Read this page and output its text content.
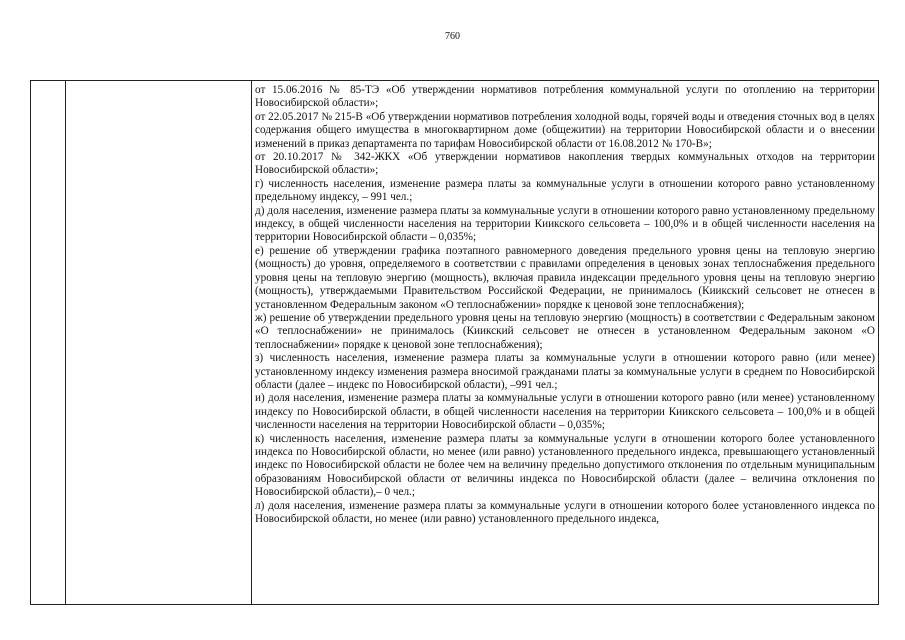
760
от 15.06.2016 № 85-ТЭ «Об утверждении нормативов потребления коммунальной услуги по отоплению на территории Новосибирской области»;
от 22.05.2017 № 215-В «Об утверждении нормативов потребления холодной воды, горячей воды и отведения сточных вод в целях содержания общего имущества в многоквартирном доме (общежитии) на территории Новосибирской области и о внесении изменений в приказ департамента по тарифам Новосибирской области от 16.08.2012 № 170-В»;
от 20.10.2017 № 342-ЖКХ «Об утверждении нормативов накопления твердых коммунальных отходов на территории Новосибирской области»;
г) численность населения, изменение размера платы за коммунальные услуги в отношении которого равно установленному предельному индексу, – 991 чел.;
д) доля населения, изменение размера платы за коммунальные услуги в отношении которого равно установленному предельному индексу, в общей численности населения на территории Киикского сельсовета – 100,0% и в общей численности населения на территории Новосибирской области – 0,035%;
е) решение об утверждении графика поэтапного равномерного доведения предельного уровня цены на тепловую энергию (мощность) до уровня, определяемого в соответствии с правилами определения в ценовых зонах теплоснабжения предельного уровня цены на тепловую энергию (мощность), включая правила индексации предельного уровня цены на тепловую энергию (мощность), утверждаемыми Правительством Российской Федерации, не принималось (Киикский сельсовет не отнесен в установленном Федеральным законом «О теплоснабжении» порядке к ценовой зоне теплоснабжения);
ж) решение об утверждении предельного уровня цены на тепловую энергию (мощность) в соответствии с Федеральным законом «О теплоснабжении» не принималось (Киикский сельсовет не отнесен в установленном Федеральным законом «О теплоснабжении» порядке к ценовой зоне теплоснабжения);
з) численность населения, изменение размера платы за коммунальные услуги в отношении которого равно (или менее) установленному индексу изменения размера вносимой гражданами платы за коммунальные услуги в среднем по Новосибирской области (далее – индекс по Новосибирской области), –991 чел.;
и) доля населения, изменение размера платы за коммунальные услуги в отношении которого равно (или менее) установленному индексу по Новосибирской области, в общей численности населения на территории Киикского сельсовета – 100,0% и в общей численности населения на территории Новосибирской области – 0,035%;
к) численность населения, изменение размера платы за коммунальные услуги в отношении которого более установленного индекса по Новосибирской области, но менее (или равно) установленного предельного индекса, превышающего установленный индекс по Новосибирской области не более чем на величину предельно допустимого отклонения по отдельным муниципальным образованиям Новосибирской области от величины индекса по Новосибирской области (далее – величина отклонения по Новосибирской области),– 0 чел.;
л) доля населения, изменение размера платы за коммунальные услуги в отношении которого более установленного индекса по Новосибирской области, но менее (или равно) установленного предельного индекса,
